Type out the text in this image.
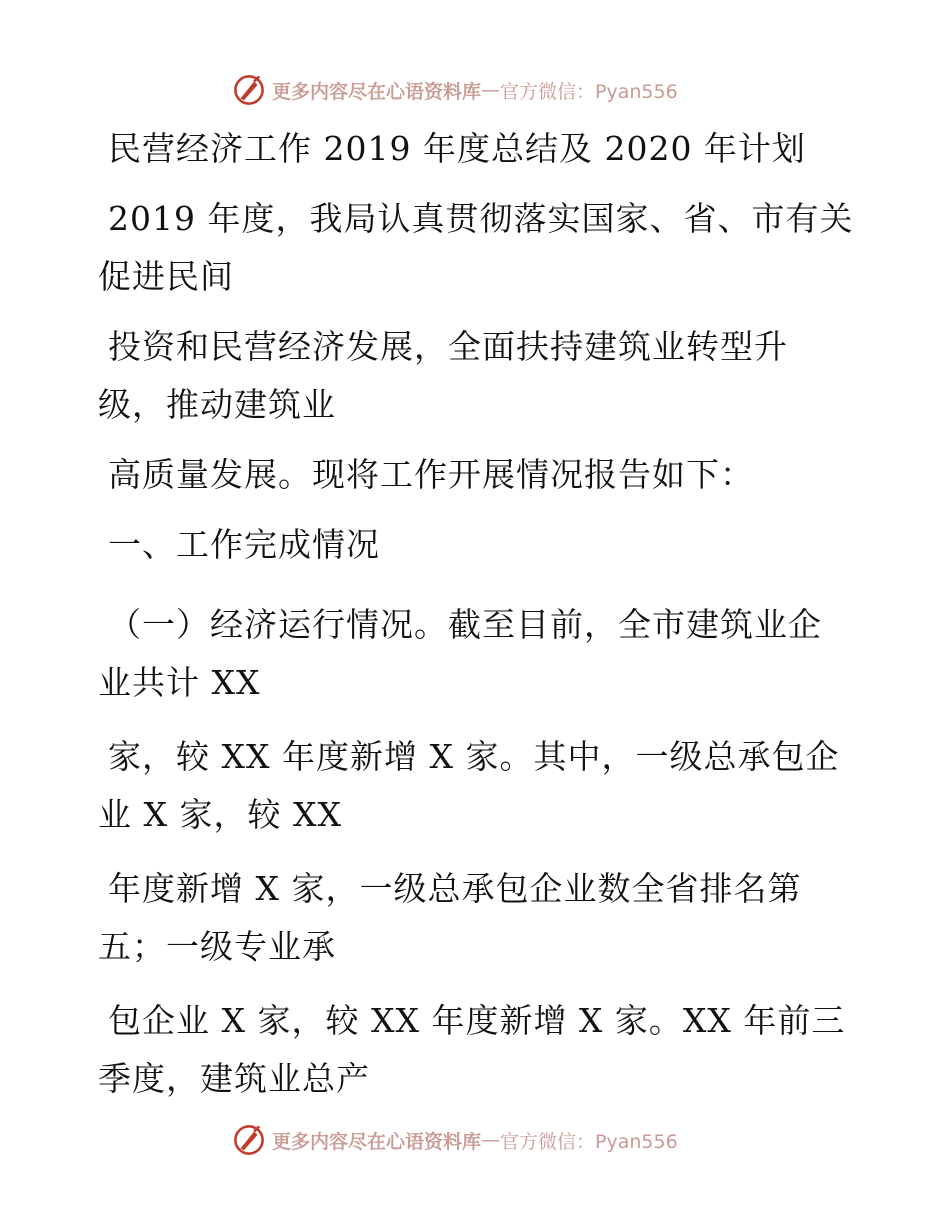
更多内容尽在心语资料库 — 官方微信：Pyan556
民营经济工作 2019 年度总结及 2020 年计划
2019 年度，我局认真贯彻落实国家、省、市有关
促进民间
投资和民营经济发展，全面扶持建筑业转型升
级，推动建筑业
高质量发展。现将工作开展情况报告如下：
一、工作完成情况
（一）经济运行情况。截至目前，全市建筑业企
业共计 XX
家，较 XX 年度新增 X 家。其中，一级总承包企
业 X 家，较 XX
年度新增 X 家，一级总承包企业数全省排名第
五；一级专业承
包企业 X 家，较 XX 年度新增 X 家。XX 年前三
季度，建筑业总产
更多内容尽在心语资料库 — 官方微信：Pyan556
